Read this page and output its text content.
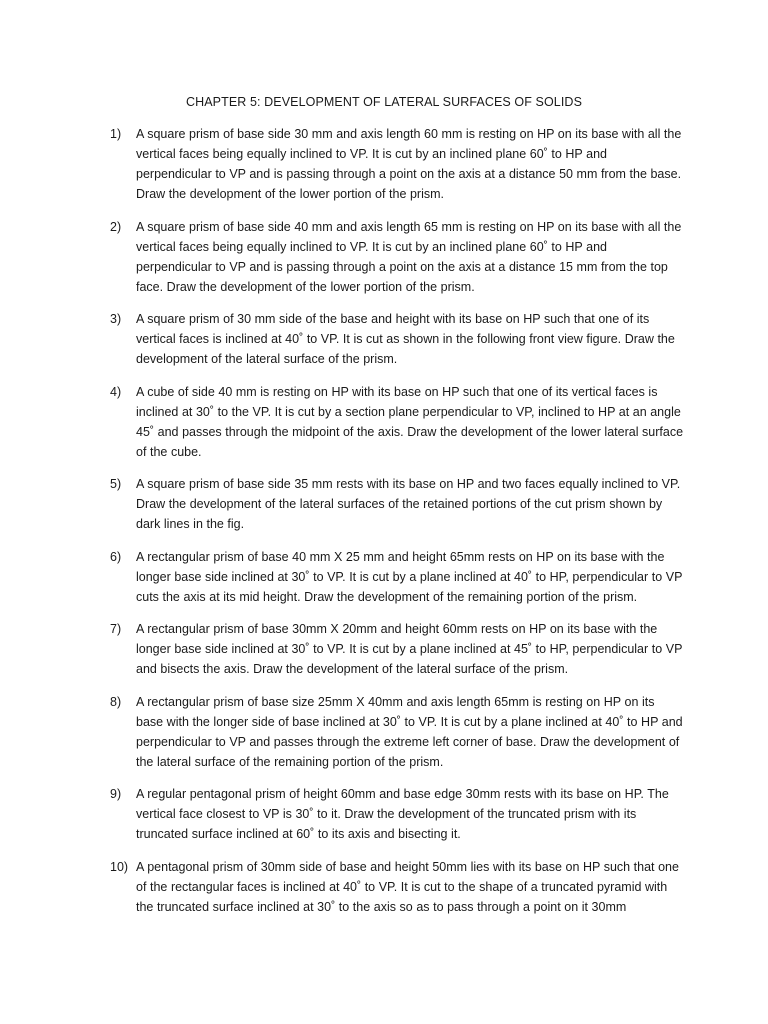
CHAPTER 5: DEVELOPMENT OF LATERAL SURFACES OF SOLIDS
1)	A square prism of base side 30 mm and axis length 60 mm is resting on HP on its base with all the vertical faces being equally inclined to VP. It is cut by an inclined plane 60˚ to HP and perpendicular to VP and is passing through a point on the axis at a distance 50 mm from the base. Draw the development of the lower portion of the prism.
2)	A square prism of base side 40 mm and axis length 65 mm is resting on HP on its base with all the vertical faces being equally inclined to VP. It is cut by an inclined plane 60˚ to HP and perpendicular to VP and is passing through a point on the axis at a distance 15 mm from the top face. Draw the development of the lower portion of the prism.
3)	A square prism of 30 mm side of the base and height with its base on HP such that one of its vertical faces is inclined at 40˚ to VP. It is cut as shown in the following front view figure. Draw the development of the lateral surface of the prism.
4)	A cube of side 40 mm is resting on HP with its base on HP such that one of its vertical faces is inclined at 30˚ to the VP. It is cut by a section plane perpendicular to VP, inclined to HP at an angle 45˚ and passes through the midpoint of the axis. Draw the development of the lower lateral surface of the cube.
5)	A square prism of base side 35 mm rests with its base on HP and two faces equally inclined to VP. Draw the development of the lateral surfaces of the retained portions of the cut prism shown by dark lines in the fig.
6)	A rectangular prism of base 40 mm X 25 mm and height 65mm rests on HP on its base with the longer base side inclined at 30˚ to VP. It is cut by a plane inclined at 40˚ to HP, perpendicular to VP cuts the axis at its mid height. Draw the development of the remaining portion of the prism.
7)	A rectangular prism of base 30mm X 20mm and height 60mm rests on HP on its base with the longer base side inclined at 30˚ to VP. It is cut by a plane inclined at 45˚ to HP, perpendicular to VP and bisects the axis. Draw the development of the lateral surface of the prism.
8)	A rectangular prism of base size 25mm X 40mm and axis length 65mm is resting on HP on its base with the longer side of base inclined at 30˚ to VP. It is cut by a plane inclined at 40˚ to HP and perpendicular to VP and passes through the extreme left corner of base. Draw the development of the lateral surface of the remaining portion of the prism.
9)	A regular pentagonal prism of height 60mm and base edge 30mm rests with its base on HP. The vertical face closest to VP is 30˚ to it. Draw the development of the truncated prism with its truncated surface inclined at 60˚ to its axis and bisecting it.
10) A pentagonal prism of 30mm side of base and height 50mm lies with its base on HP such that one of the rectangular faces is inclined at 40˚ to VP. It is cut to the shape of a truncated pyramid with the truncated surface inclined at 30˚ to the axis so as to pass through a point on it 30mm
